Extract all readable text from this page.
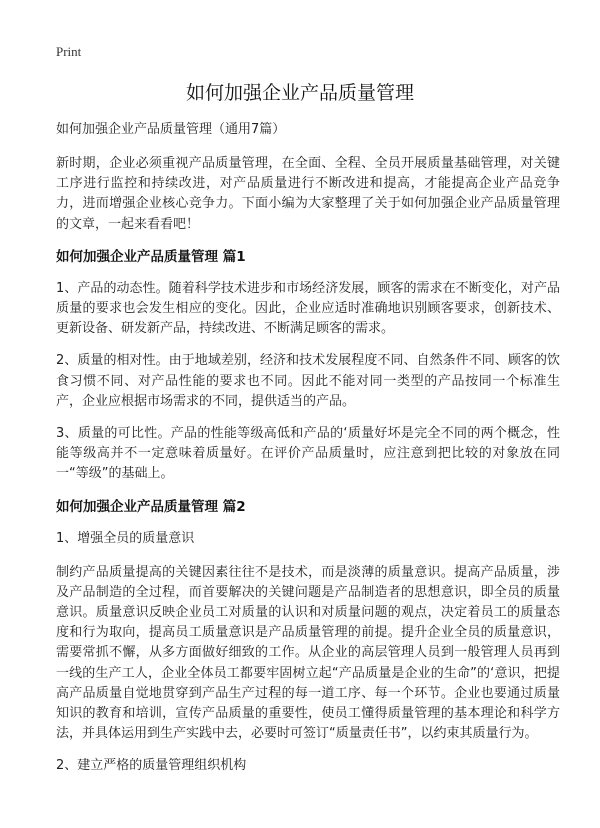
Print
如何加强企业产品质量管理
如何加强企业产品质量管理（通用7篇）

新时期，企业必须重视产品质量管理，在全面、全程、全员开展质量基础管理，对关键工序进行监控和持续改进，对产品质量进行不断改进和提高，才能提高企业产品竞争力，进而增强企业核心竞争力。下面小编为大家整理了关于如何加强企业产品质量管理的文章，一起来看看吧！

如何加强企业产品质量管理 篇1

1、产品的动态性。随着科学技术进步和市场经济发展，顾客的需求在不断变化，对产品质量的要求也会发生相应的变化。因此，企业应适时准确地识别顾客要求，创新技术、更新设备、研发新产品，持续改进、不断满足顾客的需求。

2、质量的相对性。由于地域差别，经济和技术发展程度不同、自然条件不同、顾客的饮食习惯不同、对产品性能的要求也不同。因此不能对同一类型的产品按同一个标准生产，企业应根据市场需求的不同，提供适当的产品。

3、质量的可比性。产品的性能等级高低和产品的‘质量好坏是完全不同的两个概念，性能等级高并不一定意味着质量好。在评价产品质量时，应注意到把比较的对象放在同一“等级”的基础上。

如何加强企业产品质量管理 篇2

1、增强全员的质量意识

制约产品质量提高的关键因素往往不是技术，而是淡薄的质量意识。提高产品质量，涉及产品制造的全过程，而首要解决的关键问题是产品制造者的思想意识，即全员的质量意识。质量意识反映企业员工对质量的认识和对质量问题的观点，决定着员工的质量态度和行为取向，提高员工质量意识是产品质量管理的前提。提升企业全员的质量意识，需要常抓不懈，从多方面做好细致的工作。从企业的高层管理人员到一般管理人员再到一线的生产工人，企业全体员工都要牢固树立起“产品质量是企业的生命”的‘意识，把提高产品质量自觉地贯穿到产品生产过程的每一道工序、每一个环节。企业也要通过质量知识的教育和培训，宣传产品质量的重要性，使员工懂得质量管理的基本理论和科学方法，并具体运用到生产实践中去，必要时可签订“质量责任书”，以约束其质量行为。

2、建立严格的质量管理组织机构
